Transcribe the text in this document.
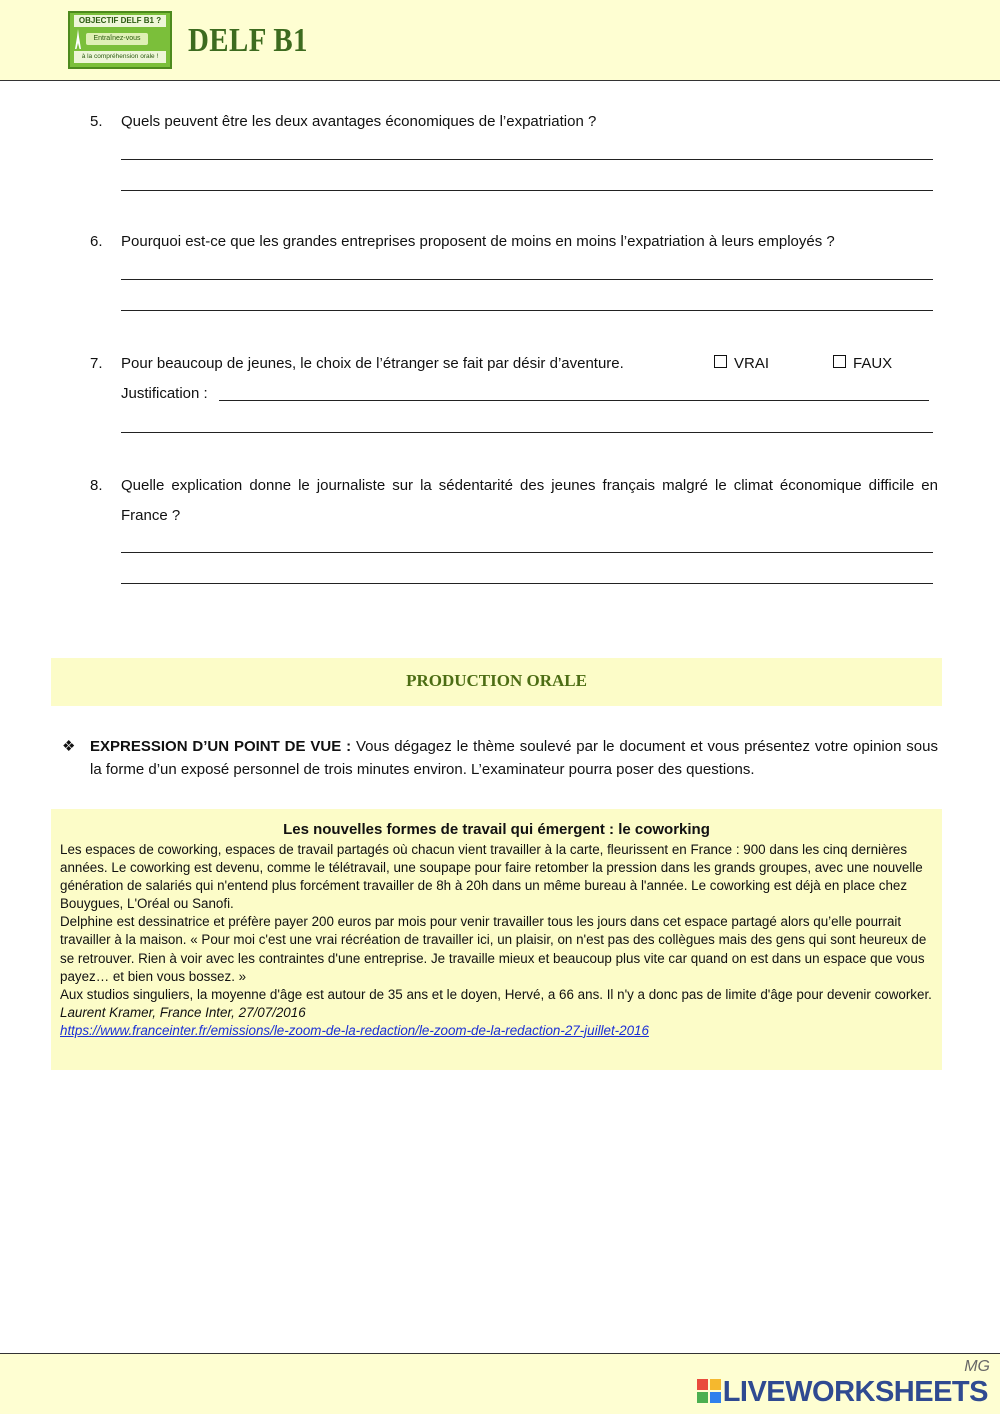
OBJECTIF DELF B1 ?
Entraînez-vous
à la compréhension orale ! DELF B1
5.	Quels peuvent être les deux avantages économiques de l’expatriation ?
6.	Pourquoi est-ce que les grandes entreprises proposent de moins en moins l’expatriation à leurs employés ?
7.	Pour beaucoup de jeunes, le choix de l’étranger se fait par désir d’aventure.	VRAI	FAUX
Justification :
8.	Quelle explication donne le journaliste sur la sédentarité des jeunes français malgré le climat économique difficile en France ?
PRODUCTION ORALE
❖ EXPRESSION D’UN POINT DE VUE : Vous dégagez le thème soulevé par le document et vous présentez votre opinion sous la forme d’un exposé personnel de trois minutes environ. L’examinateur pourra poser des questions.
Les nouvelles formes de travail qui émergent : le coworking

Les espaces de coworking, espaces de travail partagés où chacun vient travailler à la carte, fleurissent en France : 900 dans les cinq dernières années. Le coworking est devenu, comme le télétravail, une soupape pour faire retomber la pression dans les grands groupes, avec une nouvelle génération de salariés qui n'entend plus forcément travailler de 8h à 20h dans un même bureau à l'année. Le coworking est déjà en place chez Bouygues, L'Oréal ou Sanofi.

Delphine est dessinatrice et préfère payer 200 euros par mois pour venir travailler tous les jours dans cet espace partagé alors qu’elle pourrait travailler à la maison. « Pour moi c'est une vrai récréation de travailler ici, un plaisir, on n'est pas des collègues mais des gens qui sont heureux de se retrouver. Rien à voir avec les contraintes d'une entreprise. Je travaille mieux et beaucoup plus vite car quand on est dans un espace que vous payez… et bien vous bossez. »

Aux studios singuliers, la moyenne d'âge est autour de 35 ans et le doyen, Hervé, a 66 ans. Il n'y a donc pas de limite d'âge pour devenir coworker.

Laurent Kramer, France Inter, 27/07/2016

https://www.franceinter.fr/emissions/le-zoom-de-la-redaction/le-zoom-de-la-redaction-27-juillet-2016

MG
LIVEWORKSHEETS
